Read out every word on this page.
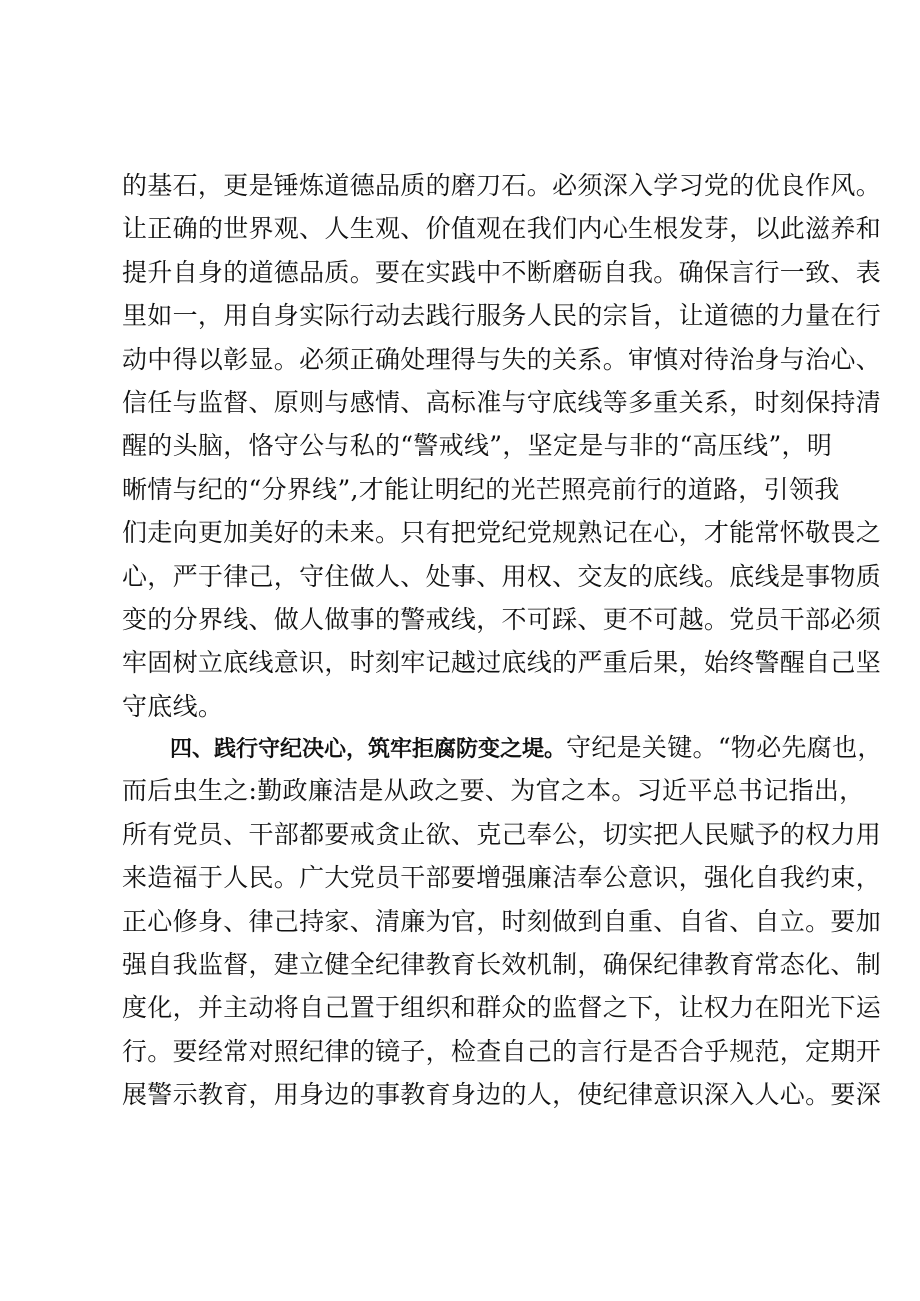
的基石，更是锤炼道德品质的磨刀石。必须深入学习党的优良作风。
让正确的世界观、人生观、价值观在我们内心生根发芽，以此滋养和
提升自身的道德品质。要在实践中不断磨砺自我。确保言行一致、表
里如一，用自身实际行动去践行服务人民的宗旨，让道德的力量在行
动中得以彰显。必须正确处理得与失的关系。审慎对待治身与治心、
信任与监督、原则与感情、高标准与守底线等多重关系，时刻保持清
醒的头脑，恪守公与私的“警戒线”，坚定是与非的“高压线”，明
晰情与纪的“分界线”,才能让明纪的光芒照亮前行的道路，引领我
们走向更加美好的未来。只有把党纪党规熟记在心，才能常怀敬畏之
心，严于律己，守住做人、处事、用权、交友的底线。底线是事物质
变的分界线、做人做事的警戒线，不可踩、更不可越。党员干部必须
牢固树立底线意识，时刻牢记越过底线的严重后果，始终警醒自己坚
守底线。
四、践行守纪决心，筑牢拒腐防变之堤。守纪是关键。“物必先腐也，
而后虫生之:勤政廉洁是从政之要、为官之本。习近平总书记指出，
所有党员、干部都要戒贪止欲、克己奉公，切实把人民赋予的权力用
来造福于人民。广大党员干部要增强廉洁奉公意识，强化自我约束，
正心修身、律己持家、清廉为官，时刻做到自重、自省、自立。要加
强自我监督，建立健全纪律教育长效机制，确保纪律教育常态化、制
度化，并主动将自己置于组织和群众的监督之下，让权力在阳光下运
行。要经常对照纪律的镜子，检查自己的言行是否合乎规范，定期开
展警示教育，用身边的事教育身边的人，使纪律意识深入人心。要深
